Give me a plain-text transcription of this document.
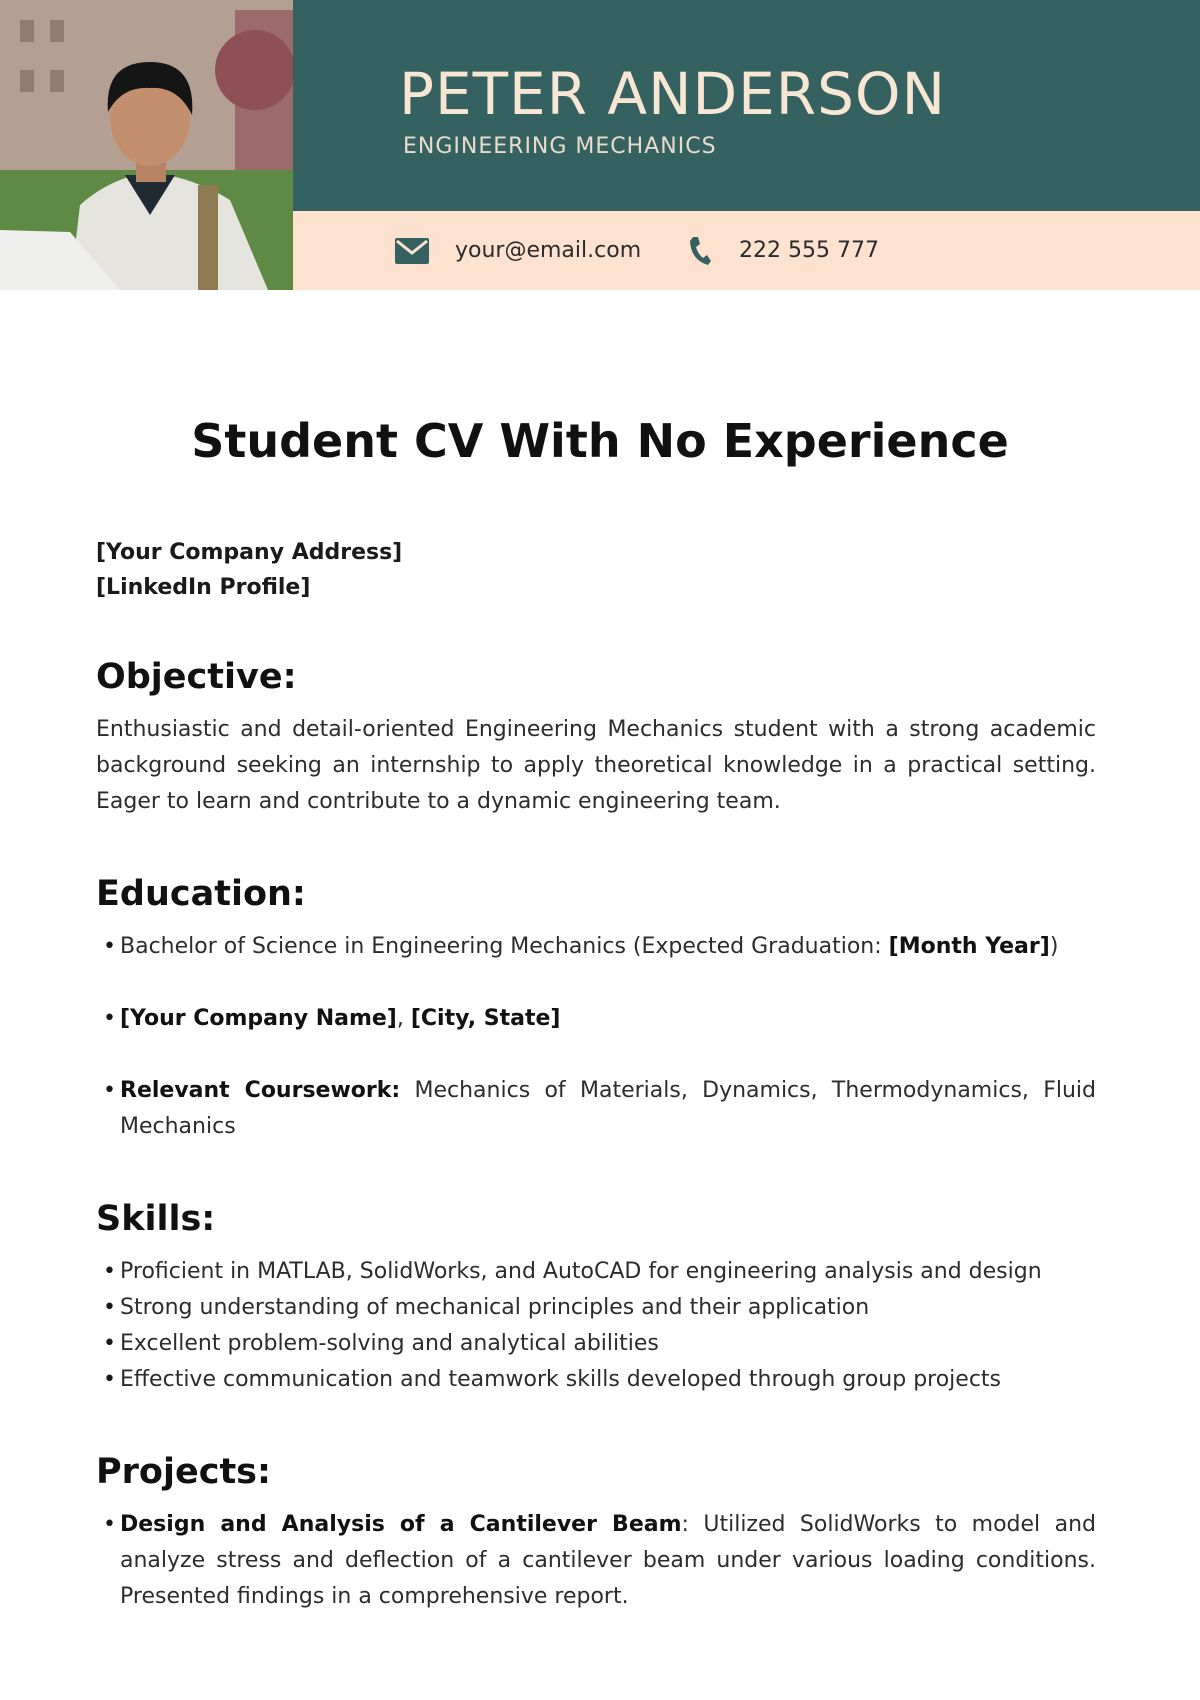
PETER ANDERSON
ENGINEERING MECHANICS
your@email.com	222 555 777
Student CV With No Experience
[Your Company Address]
[LinkedIn Profile]
Objective:

Enthusiastic and detail-oriented Engineering Mechanics student with a strong academic background seeking an internship to apply theoretical knowledge in a practical setting. Eager to learn and contribute to a dynamic engineering team.

Education:
• Bachelor of Science in Engineering Mechanics (Expected Graduation: [Month Year])
• [Your Company Name], [City, State]
• Relevant Coursework: Mechanics of Materials, Dynamics, Thermodynamics, Fluid Mechanics
Skills:
• Proficient in MATLAB, SolidWorks, and AutoCAD for engineering analysis and design
• Strong understanding of mechanical principles and their application
• Excellent problem-solving and analytical abilities
• Effective communication and teamwork skills developed through group projects
Projects:
• Design and Analysis of a Cantilever Beam: Utilized SolidWorks to model and analyze stress and deflection of a cantilever beam under various loading conditions. Presented findings in a comprehensive report.
